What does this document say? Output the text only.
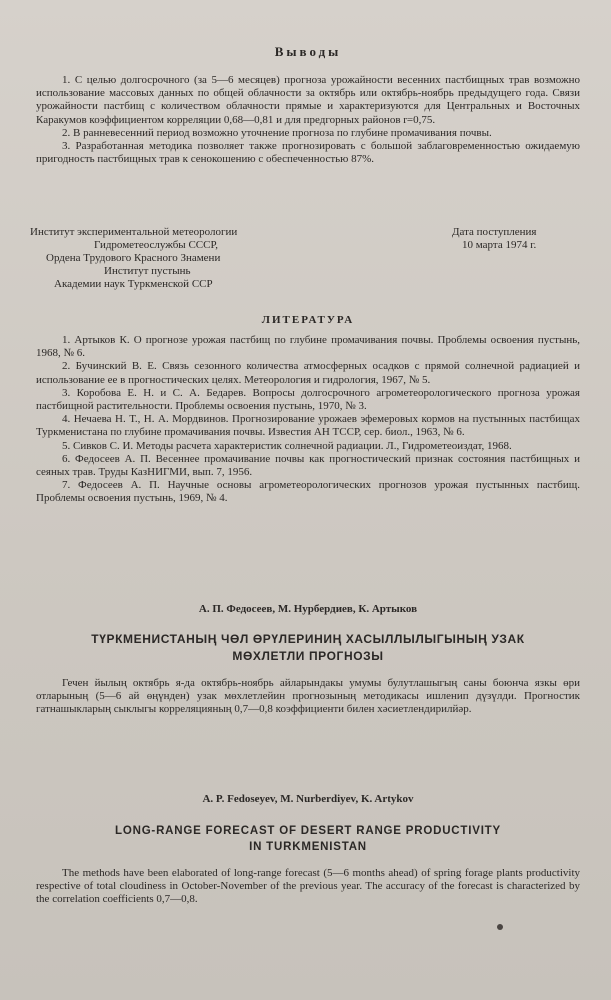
Выводы

1. С целью долгосрочного (за 5—6 месяцев) прогноза урожайности весенних пастбищных трав возможно использование массовых данных по общей облачности за октябрь или октябрь-ноябрь предыдущего года. Связи урожайности пастбищ с количеством облачности прямые и характеризуются для Центральных и Восточных Каракумов коэффициентом корреляции 0,68—0,81 и для предгорных районов r=0,75.

2. В ранневесенний период возможно уточнение прогноза по глубине промачивания почвы.

3. Разработанная методика позволяет также прогнозировать с большой заблаговременностью ожидаемую пригодность пастбищных трав к сенокошению с обеспеченностью 87%.

Институт экспериментальной метеорологии
Гидрометеослужбы СССР,
Ордена Трудового Красного Знамени
Институт пустынь
Академии наук Туркменской ССР
Дата поступления
10 марта 1974 г.
ЛИТЕРАТУРА

1. Артыков К. О прогнозе урожая пастбищ по глубине промачивания почвы. Проблемы освоения пустынь, 1968, № 6.

2. Бучинский В. Е. Связь сезонного количества атмосферных осадков с прямой солнечной радиацией и использование ее в прогностических целях. Метеорология и гидрология, 1967, № 5.

3. Коробова Е. Н. и С. А. Бедарев. Вопросы долгосрочного агрометеорологического прогноза урожая пастбищной растительности. Проблемы освоения пустынь, 1970, № 3.

4. Нечаева Н. Т., Н. А. Мордвинов. Прогнозирование урожаев эфемеровых кормов на пустынных пастбищах Туркменистана по глубине промачивания почвы. Известия АН ТССР, сер. биол., 1963, № 6.

5. Сивков С. И. Методы расчета характеристик солнечной радиации. Л., Гидрометеоиздат, 1968.

6. Федосеев А. П. Весеннее промачивание почвы как прогностический признак состояния пастбищных и сеяных трав. Труды КазНИГМИ, вып. 7, 1956.

7. Федосеев А. П. Научные основы агрометеорологических прогнозов урожая пустынных пастбищ. Проблемы освоения пустынь, 1969, № 4.

А. П. Федосеев, М. Нурбердиев, К. Артыков
ТҮРКМЕНИСТАНЫҢ ЧӨЛ ӨРҮЛЕРИНИҢ ХАСЫЛЛЫЛЫГЫНЫҢ УЗАК
МӨХЛЕТЛИ ПРОГНОЗЫ

Гечен йылың октябрь я-да октябрь-ноябрь айларындакы умумы булутлашыгың саны боюнча язкы өри отларының (5—6 ай өңүнден) узак мөхлетлейин прогнозының методикасы ишленип дүзүлди. Прогностик гатнашыкларың сыклыгы корреляцияның 0,7—0,8 коэффициенти билен хәсиетлендирилйәр.

A. P. Fedoseyev, M. Nurberdiyev, K. Artykov
LONG-RANGE FORECAST OF DESERT RANGE PRODUCTIVITY
IN TURKMENISTAN

The methods have been elaborated of long-range forecast (5—6 months ahead) of spring forage plants productivity respective of total cloudiness in October-November of the previous year. The accuracy of the forecast is characterized by the correlation coefficients 0,7—0,8.
